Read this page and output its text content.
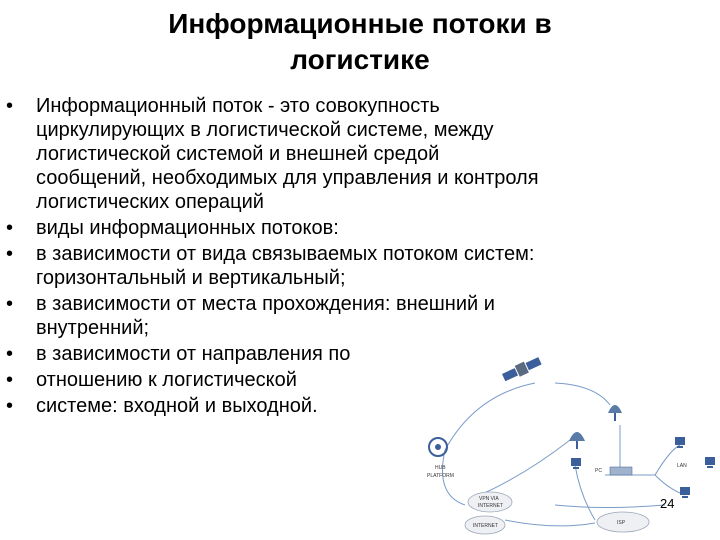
Информационные потоки в
логистике
• Информационный поток - это совокупность
циркулирующих в логистической системе, между
логистической системой и внешней средой
сообщений, необходимых для управления и контроля
логистических операций
• виды информационных потоков:
• в зависимости от вида связываемых потоком систем:
горизонтальный и вертикальный;
• в зависимости от места прохождения: внешний и
внутренний;
• в зависимости от направления по
• отношению к логистической
• системе: входной и выходной.
HUB
PLATFORM
PC
LAN
VPN VIA
INTERNET
INTERNET	ISP
24
